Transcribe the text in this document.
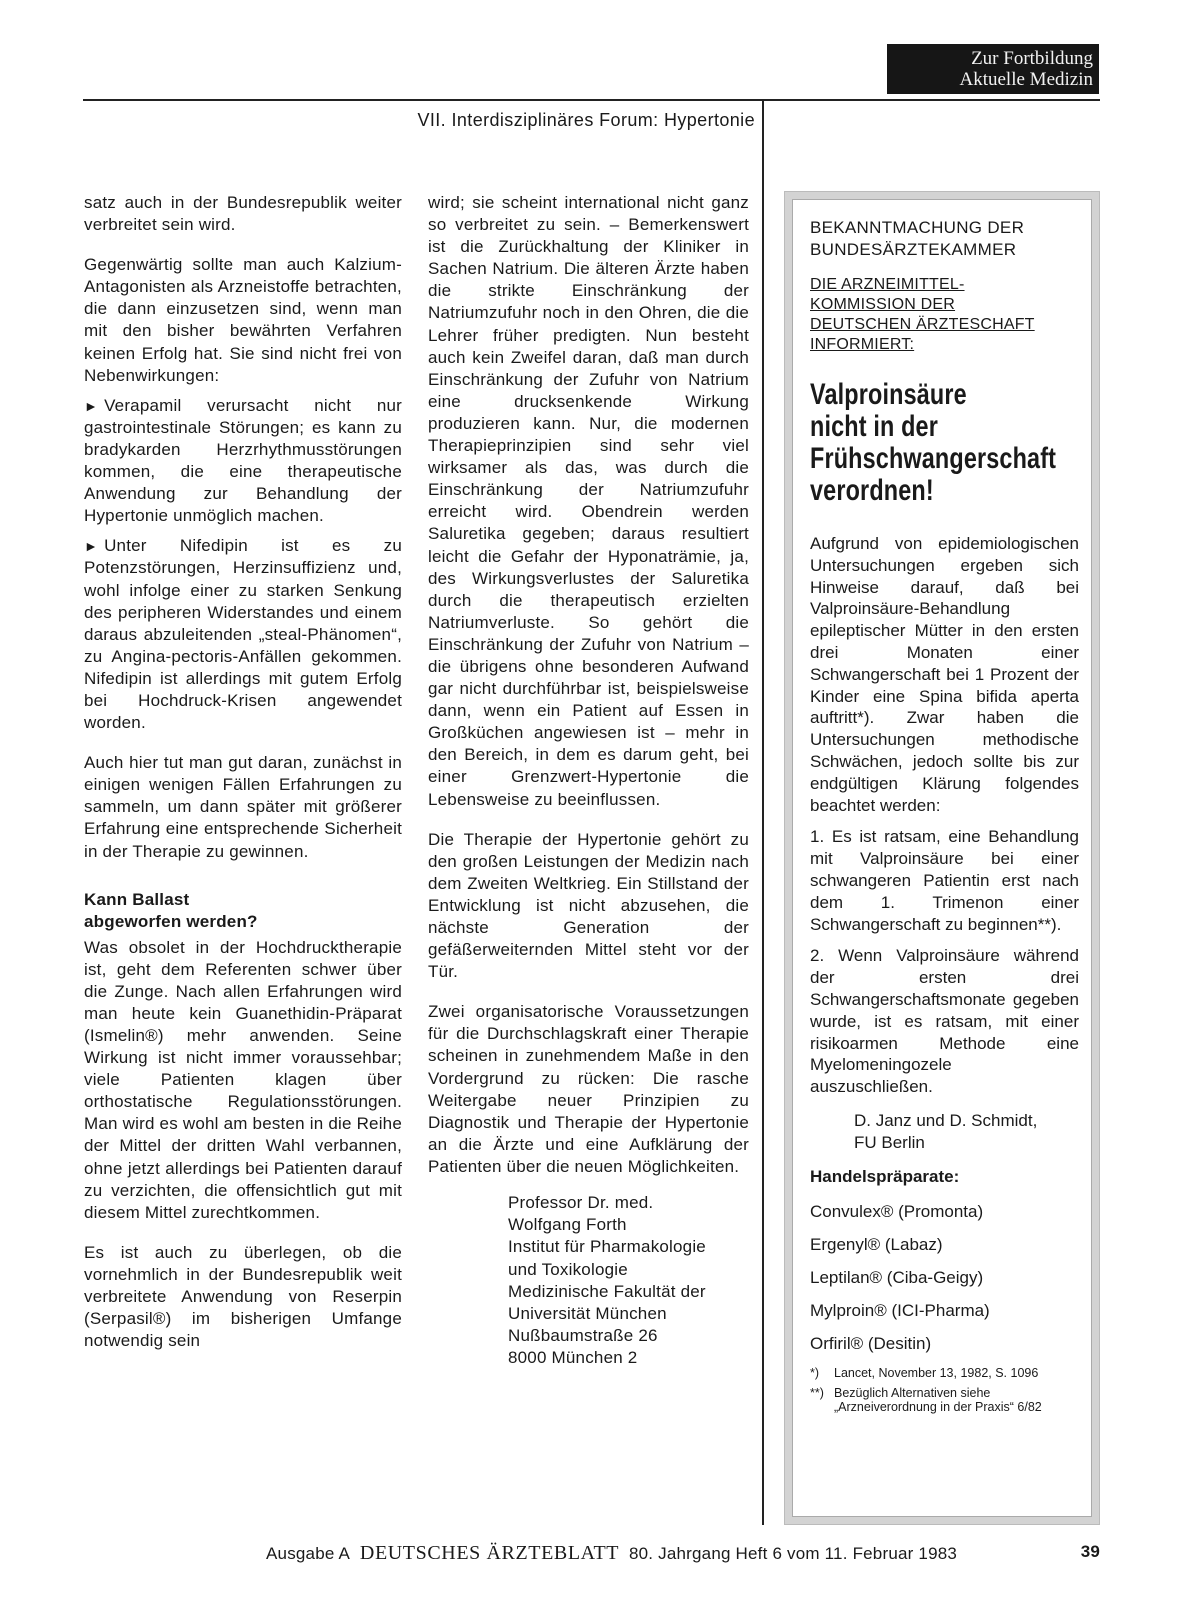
Zur Fortbildung
Aktuelle Medizin
VII. Interdisziplinäres Forum: Hypertonie

satz auch in der Bundesrepublik weiter verbreitet sein wird.

Gegenwärtig sollte man auch Kalzium-Antagonisten als Arzneistoffe betrachten, die dann einzusetzen sind, wenn man mit den bisher bewährten Verfahren keinen Erfolg hat. Sie sind nicht frei von Nebenwirkungen:

► Verapamil verursacht nicht nur gastrointestinale Störungen; es kann zu bradykarden Herzrhythmusstörungen kommen, die eine therapeutische Anwendung zur Behandlung der Hypertonie unmöglich machen.

► Unter Nifedipin ist es zu Potenzstörungen, Herzinsuffizienz und, wohl infolge einer zu starken Senkung des peripheren Widerstandes und einem daraus abzuleitenden „steal-Phänomen“, zu Angina-pectoris-Anfällen gekommen. Nifedipin ist allerdings mit gutem Erfolg bei Hochdruck-Krisen angewendet worden.

Auch hier tut man gut daran, zunächst in einigen wenigen Fällen Erfahrungen zu sammeln, um dann später mit größerer Erfahrung eine entsprechende Sicherheit in der Therapie zu gewinnen.

Kann Ballast
abgeworfen werden?

Was obsolet in der Hochdrucktherapie ist, geht dem Referenten schwer über die Zunge. Nach allen Erfahrungen wird man heute kein Guanethidin-Präparat (Ismelin®) mehr anwenden. Seine Wirkung ist nicht immer voraussehbar; viele Patienten klagen über orthostatische Regulationsstörungen. Man wird es wohl am besten in die Reihe der Mittel der dritten Wahl verbannen, ohne jetzt allerdings bei Patienten darauf zu verzichten, die offensichtlich gut mit diesem Mittel zurechtkommen.

Es ist auch zu überlegen, ob die vornehmlich in der Bundesrepublik weit verbreitete Anwendung von Reserpin (Serpasil®) im bisherigen Umfange notwendig sein

wird; sie scheint international nicht ganz so verbreitet zu sein. – Bemerkenswert ist die Zurückhaltung der Kliniker in Sachen Natrium. Die älteren Ärzte haben die strikte Einschränkung der Natriumzufuhr noch in den Ohren, die die Lehrer früher predigten. Nun besteht auch kein Zweifel daran, daß man durch Einschränkung der Zufuhr von Natrium eine drucksenkende Wirkung produzieren kann. Nur, die modernen Therapieprinzipien sind sehr viel wirksamer als das, was durch die Einschränkung der Natriumzufuhr erreicht wird. Obendrein werden Saluretika gegeben; daraus resultiert leicht die Gefahr der Hyponaträmie, ja, des Wirkungsverlustes der Saluretika durch die therapeutisch erzielten Natriumverluste. So gehört die Einschränkung der Zufuhr von Natrium – die übrigens ohne besonderen Aufwand gar nicht durchführbar ist, beispielsweise dann, wenn ein Patient auf Essen in Großküchen angewiesen ist – mehr in den Bereich, in dem es darum geht, bei einer Grenzwert-Hypertonie die Lebensweise zu beeinflussen.

Die Therapie der Hypertonie gehört zu den großen Leistungen der Medizin nach dem Zweiten Weltkrieg. Ein Stillstand der Entwicklung ist nicht abzusehen, die nächste Generation der gefäßerweiternden Mittel steht vor der Tür.

Zwei organisatorische Voraussetzungen für die Durchschlagskraft einer Therapie scheinen in zunehmendem Maße in den Vordergrund zu rücken: Die rasche Weitergabe neuer Prinzipien zu Diagnostik und Therapie der Hypertonie an die Ärzte und eine Aufklärung der Patienten über die neuen Möglichkeiten.

Professor Dr. med.
Wolfgang Forth
Institut für Pharmakologie
und Toxikologie
Medizinische Fakultät der
Universität München
Nußbaumstraße 26
8000 München 2

BEKANNTMACHUNG DER
BUNDESÄRZTEKAMMER

DIE ARZNEIMITTEL-
KOMMISSION DER
DEUTSCHEN ÄRZTESCHAFT
INFORMIERT:
Valproinsäure
nicht in der
Frühschwangerschaft
verordnen!

Aufgrund von epidemiologischen Untersuchungen ergeben sich Hinweise darauf, daß bei Valproinsäure-Behandlung epileptischer Mütter in den ersten drei Monaten einer Schwangerschaft bei 1 Prozent der Kinder eine Spina bifida aperta auftritt*). Zwar haben die Untersuchungen methodische Schwächen, jedoch sollte bis zur endgültigen Klärung folgendes beachtet werden:

1. Es ist ratsam, eine Behandlung mit Valproinsäure bei einer schwangeren Patientin erst nach dem 1. Trimenon einer Schwangerschaft zu beginnen**).

2. Wenn Valproinsäure während der ersten drei Schwangerschaftsmonate gegeben wurde, ist es ratsam, mit einer risikoarmen Methode eine Myelomeningozele auszuschließen.

D. Janz und D. Schmidt,
FU Berlin
Handelspräparate:
Convulex® (Promonta)
Ergenyl® (Labaz)
Leptilan® (Ciba-Geigy)
Mylproin® (ICI-Pharma)
Orfiril® (Desitin)
*)	Lancet, November 13, 1982, S. 1096
**) Bezüglich Alternativen siehe „Arzneiverordnung in der Praxis“ 6/82
Ausgabe A DEUTSCHES ÄRZTEBLATT 80. Jahrgang Heft 6 vom 11. Februar 1983	39
